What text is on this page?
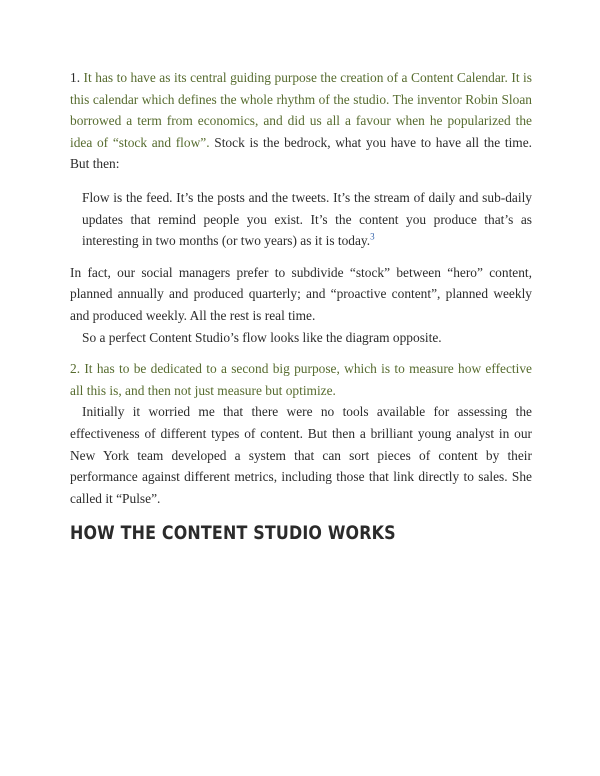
1. It has to have as its central guiding purpose the creation of a Content Calendar. It is this calendar which defines the whole rhythm of the studio. The inventor Robin Sloan borrowed a term from economics, and did us all a favour when he popularized the idea of “stock and flow”. Stock is the bedrock, what you have to have all the time. But then:

Flow is the feed. It’s the posts and the tweets. It’s the stream of daily and sub-daily updates that remind people you exist. It’s the content you produce that’s as interesting in two months (or two years) as it is today.$^3$

In fact, our social managers prefer to subdivide “stock” between “hero” content, planned annually and produced quarterly; and “proactive content”, planned weekly and produced weekly. All the rest is real time.

So a perfect Content Studio’s flow looks like the diagram opposite.

2. It has to be dedicated to a second big purpose, which is to measure how effective all this is, and then not just measure but optimize.

Initially it worried me that there were no tools available for assessing the effectiveness of different types of content. But then a brilliant young analyst in our New York team developed a system that can sort pieces of content by their performance against different metrics, including those that link directly to sales. She called it “Pulse”.

HOW THE CONTENT STUDIO WORKS
